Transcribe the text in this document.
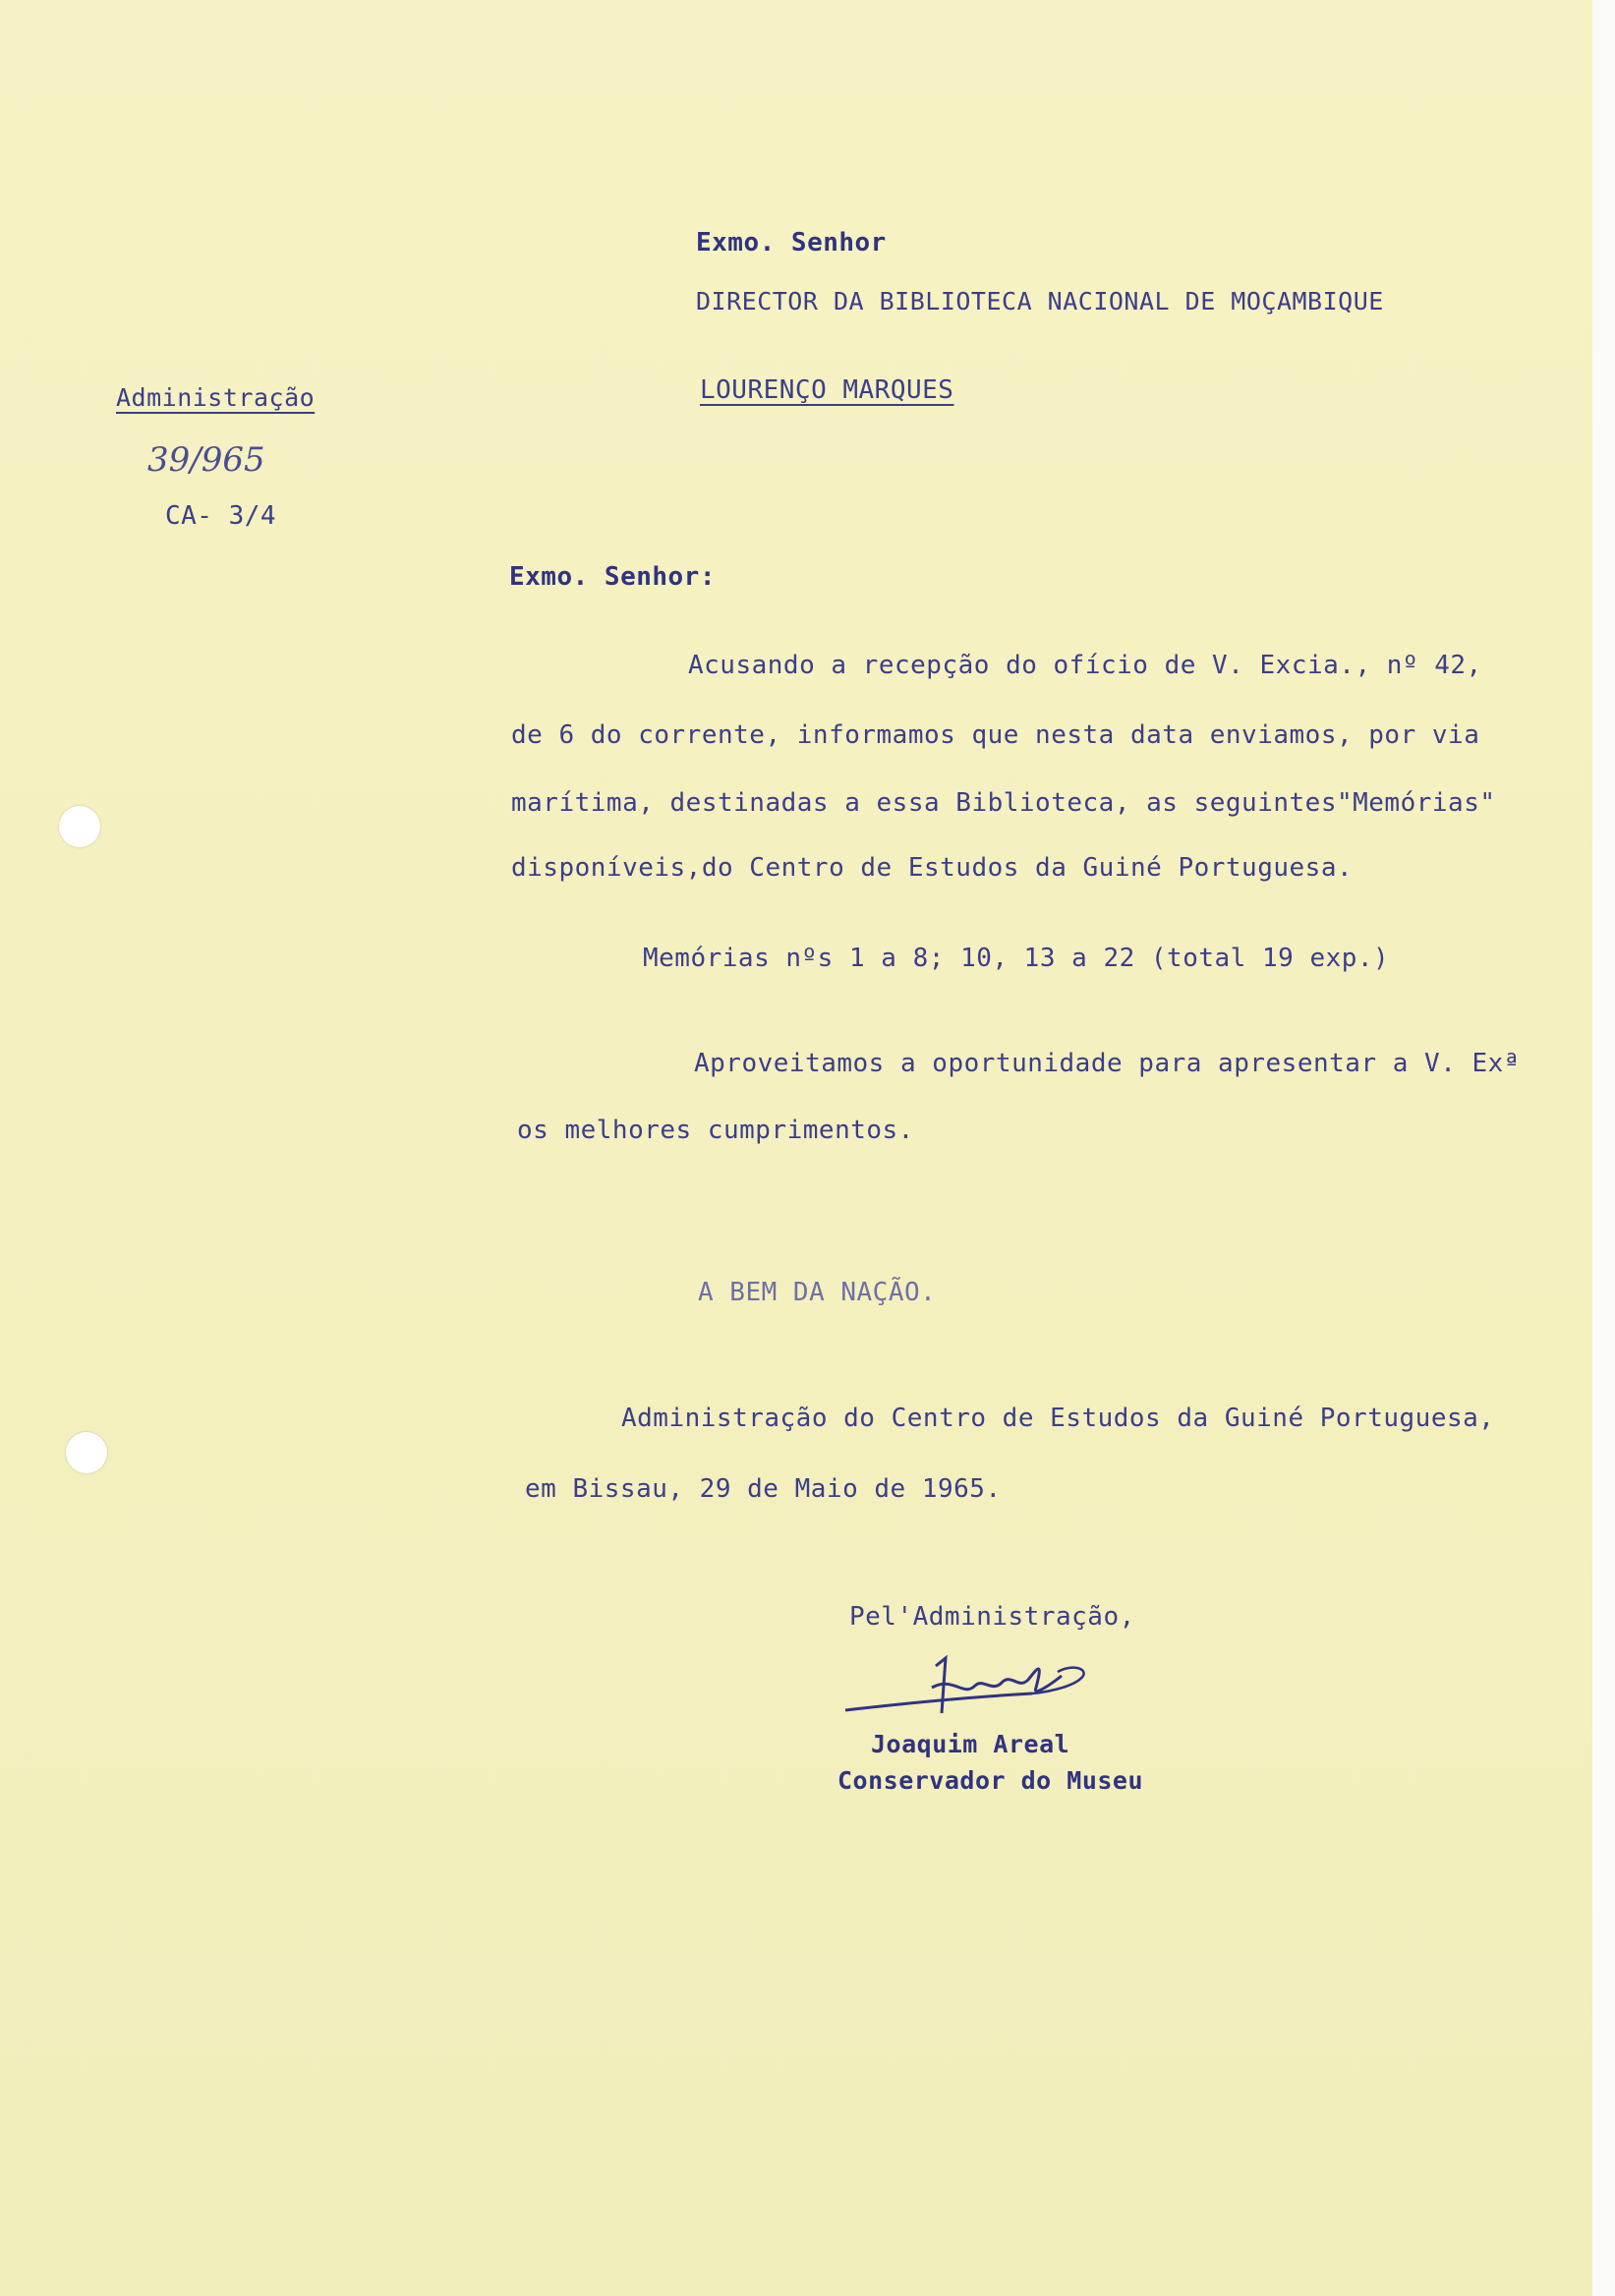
Exmo. Senhor
DIRECTOR DA BIBLIOTECA NACIONAL DE MOÇAMBIQUE
LOURENÇO MARQUES
Administração
39/965
CA- 3/4
Exmo. Senhor:
Acusando a recepção do ofício de V. Excia., nº 42,
de 6 do corrente, informamos que nesta data enviamos, por via
marítima, destinadas a essa Biblioteca, as seguintes"Memórias"
disponíveis,do Centro de Estudos da Guiné Portuguesa.
Memórias nºs 1 a 8; 10, 13 a 22 (total 19 exp.)
Aproveitamos a oportunidade para apresentar a V. Exª
os melhores cumprimentos.
A BEM DA NAÇÃO.
Administração do Centro de Estudos da Guiné Portuguesa,
em Bissau, 29 de Maio de 1965.
Pel'Administração,
Joaquim Areal
Conservador do Museu
